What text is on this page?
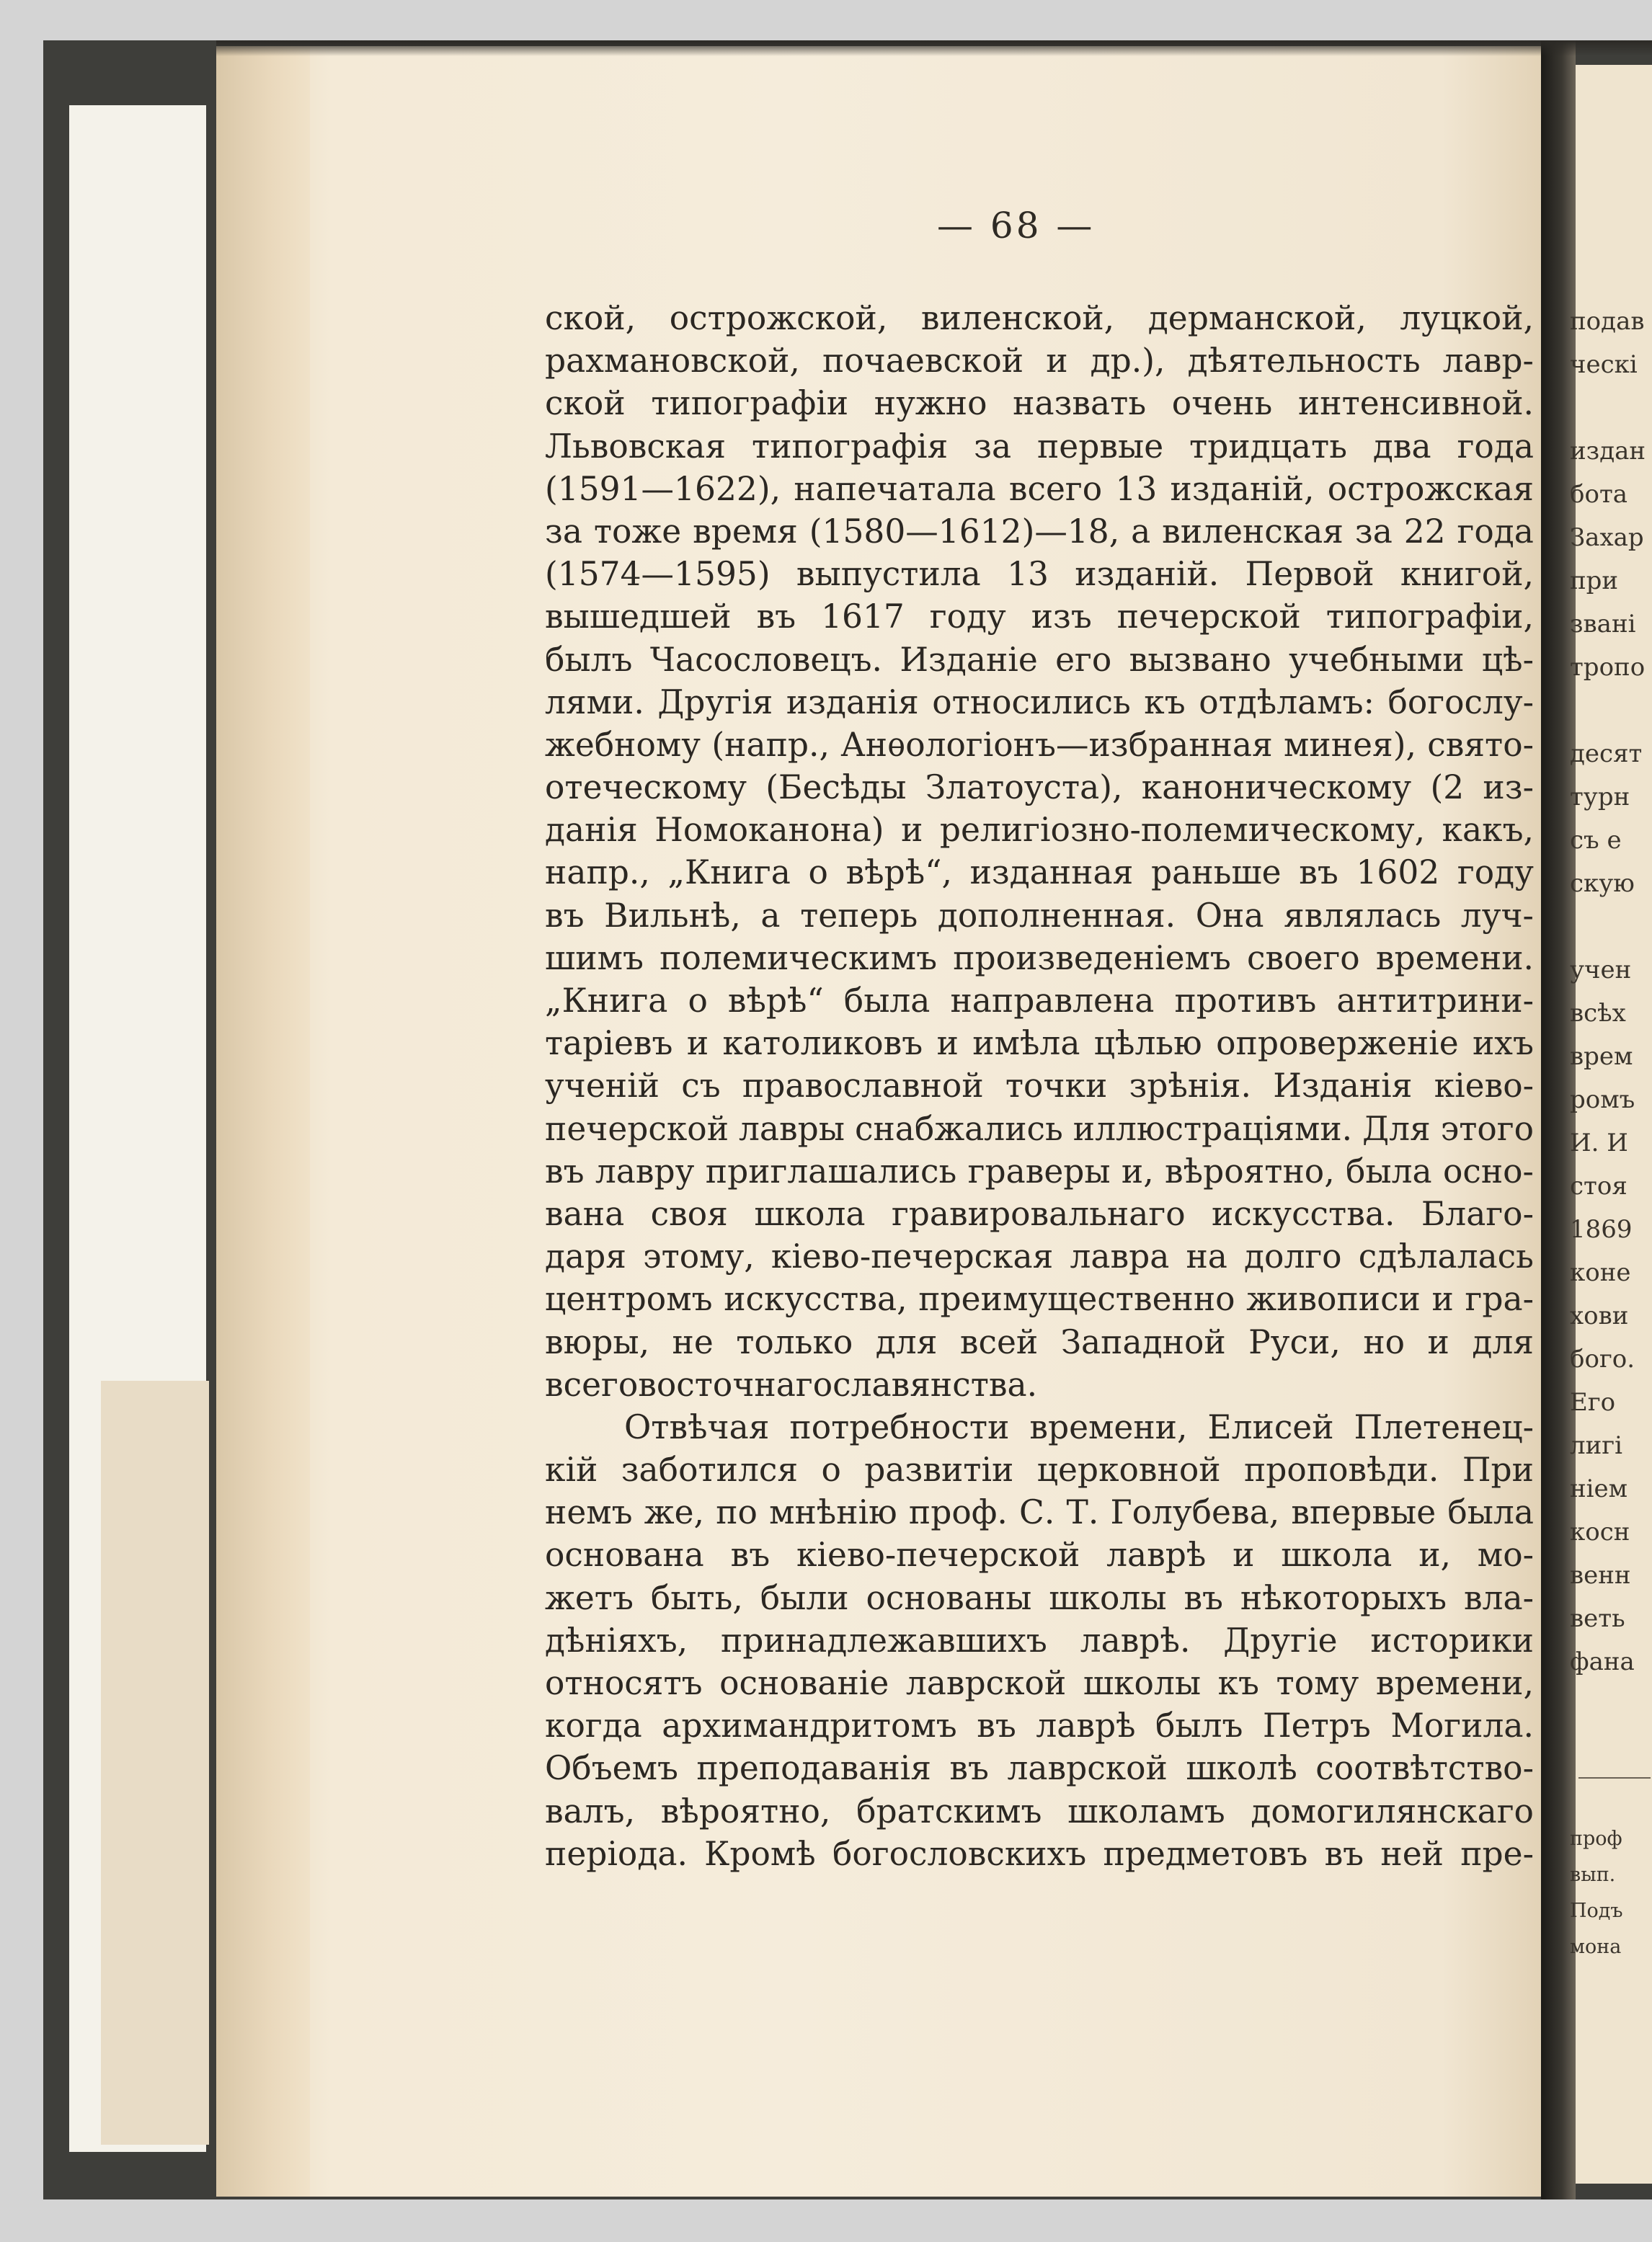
— 68 —
ской, острожской, виленской, дерманской, луцкой,
рахмановской, почаевской и др.), дѣятельность лавр-
ской типографіи нужно назвать очень интенсивной.
Львовская типографія за первые тридцать два года
(1591—1622), напечатала всего 13 изданій, острожская
за тоже время (1580—1612)—18, а виленская за 22 года
(1574—1595) выпустила 13 изданій. Первой книгой,
вышедшей въ 1617 году изъ печерской типографіи,
былъ Часословецъ. Изданіе его вызвано учебными цѣ-
лями. Другія изданія относились къ отдѣламъ: богослу-
жебному (напр., Анѳологіонъ—избранная минея), свято-
отеческому (Бесѣды Златоуста), каноническому (2 из-
данія Номоканона) и религіозно-полемическому, какъ,
напр., „Книга о вѣрѣ“, изданная раньше въ 1602 году
въ Вильнѣ, а теперь дополненная. Она являлась луч-
шимъ полемическимъ произведеніемъ своего времени.
„Книга о вѣрѣ“ была направлена противъ антитрини-
таріевъ и католиковъ и имѣла цѣлью опроверженіе ихъ
ученій съ православной точки зрѣнія. Изданія кіево-
печерской лавры снабжались иллюстраціями. Для этого
въ лавру приглашались граверы и, вѣроятно, была осно-
вана своя школа гравировальнаго искусства. Благо-
даря этому, кіево-печерская лавра на долго сдѣлалась
центромъ искусства, преимущественно живописи и гра-
вюры, не только для всей Западной Руси, но и для
всего восточнаго славянства.
Отвѣчая потребности времени, Елисей Плетенец-
кій заботился о развитіи церковной проповѣди. При
немъ же, по мнѣнію проф. С. Т. Голубева, впервые была
основана въ кіево-печерской лаврѣ и школа и, мо-
жетъ быть, были основаны школы въ нѣкоторыхъ вла-
дѣніяхъ, принадлежавшихъ лаврѣ. Другіе историки
относятъ основаніе лаврской школы къ тому времени,
когда архимандритомъ въ лаврѣ былъ Петръ Могила.
Объемъ преподаванія въ лаврской школѣ соотвѣтство-
валъ, вѣроятно, братскимъ школамъ домогилянскаго
періода. Кромѣ богословскихъ предметовъ въ ней пре-
подав
ческі
издан
бота
Захар
при
звані
тропо
десят
турн
съ е
скую
учен
всѣх
врем
ромъ
И. И
стоя
1869
коне
хови
бого.
Его
лигі
ніем
косн
венн
веть
фана
проф
вып.
Подъ
мона
